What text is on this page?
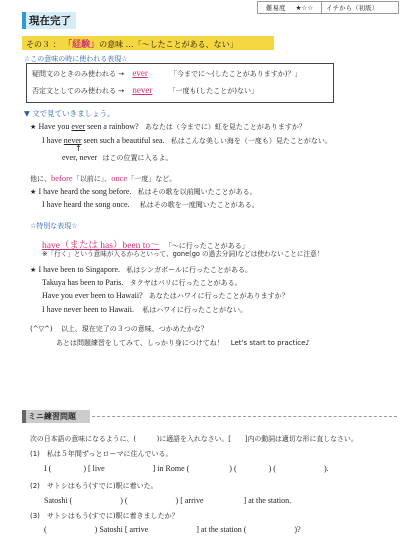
現在完了
難易度 ★☆☆	イチから（初級）
その３ ： 「経験」の意味 …「～したことがある、ない」
☆この意味の時に使われる表現☆
疑問文のときのみ使われる → ever	「今までに～(したことがありますか)？」
否定文としてのみ使われる → never 「一度も(したことが)ない」
▼ 文で見ていきましょう。
★ Have you ever seen a rainbow? あなたは（今までに）虹を見たことがありますか？
I have never seen such a beautiful sea. 私はこんな美しい海を（一度も）見たことがない。
↑
ever, never はこの位置に入るよ。
他に、before「以前に」、once「一度」など。
★ I have heard the song before. 私はその歌を以前聞いたことがある。
I have heard the song once. 私はその歌を一度聞いたことがある。
☆特別な表現☆
have（または has）been to～ 「～に行ったことがある」
※「行く」という意味が入るからといって、gone(go の過去分詞)などは使わないことに注意！
★ I have been to Singapore. 私はシンガポールに行ったことがある。
Takuya has been to Paris. タクヤはパリに行ったことがある。
Have you ever been to Hawaii? あなたはハワイに行ったことがありますか？
I have never been to Hawaii. 私はハワイに行ったことがない。
(^▽^) 以上、現在完了の３つの意味、つかめたかな？
あとは問題練習をしてみて、しっかり身につけてね！　Let's start to practice♪
ミニ練習問題
次の日本語の意味になるように、(　　　)に適語を入れなさい。[　　]内の動詞は適切な形に直しなさい。
(1)　私は５年間ずっとローマに住んでいる。
I (　　　　) [ live　　　　　　] in Rome (　　　　　) (　　　　) (　　　　　　).
(2)　サトシはもう(すでに)駅に着いた。
Satoshi (　　　　　　) (　　　　　　) [ arrive　　　　　] at the station.
(3)　サトシはもう(すでに)駅に着きましたか？
(　　　　　　) Satoshi [ arrive　　　　　　] at the station (　　　　　　)?
